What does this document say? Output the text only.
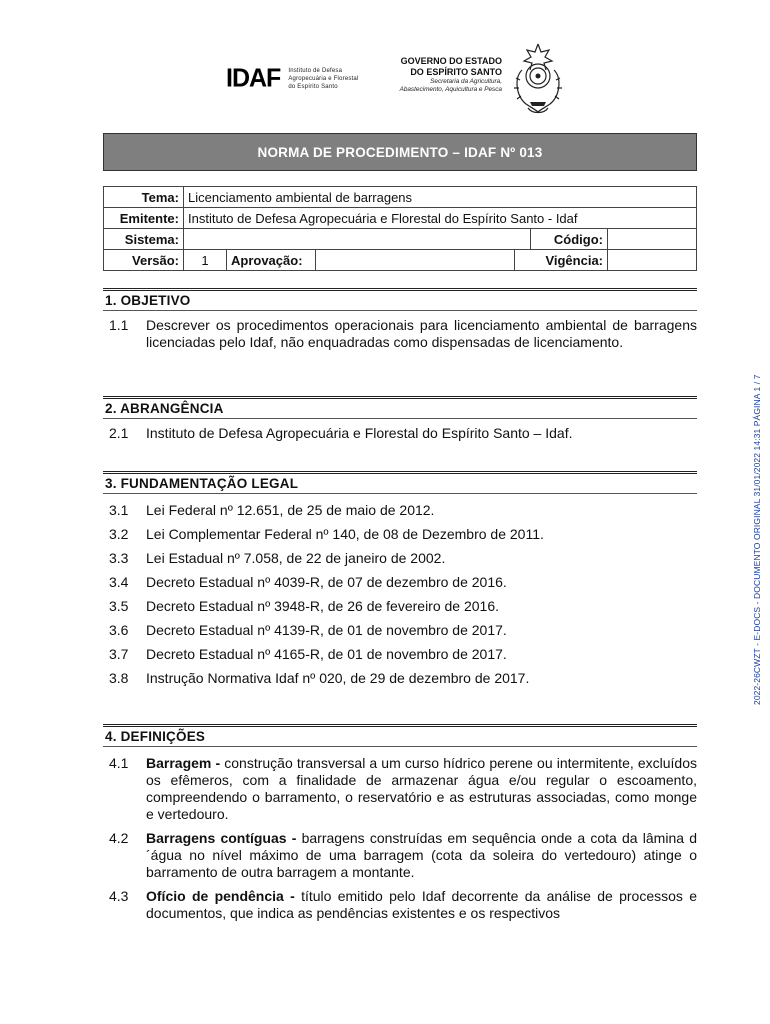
IDAF Instituto de Defesa
Agropecuária e Florestal
do Espírito Santo
GOVERNO DO ESTADO
DO ESPÍRITO SANTO
Secretaria da Agricultura,
Abastecimento, Aquicultura e Pesca
NORMA DE PROCEDIMENTO – IDAF Nº 013
Tema:	Licenciamento ambiental de barragens					
Emitente:	Instituto de Defesa Agropecuária e Florestal do Espírito Santo - Idaf					
Sistema:					Código:	
Versão:	1	Aprovação:		Vigência:		
1. OBJETIVO
1.1	Descrever os procedimentos operacionais para licenciamento ambiental de barragens licenciadas pelo Idaf, não enquadradas como dispensadas de licenciamento.
2. ABRANGÊNCIA
2.1	Instituto de Defesa Agropecuária e Florestal do Espírito Santo – Idaf.
3. FUNDAMENTAÇÃO LEGAL
3.1	Lei Federal nº 12.651, de 25 de maio de 2012.
3.2	Lei Complementar Federal nº 140, de 08 de Dezembro de 2011.
3.3	Lei Estadual nº 7.058, de 22 de janeiro de 2002.
3.4	Decreto Estadual nº 4039-R, de 07 de dezembro de 2016.
3.5	Decreto Estadual nº 3948-R, de 26 de fevereiro de 2016.
3.6	Decreto Estadual nº 4139-R, de 01 de novembro de 2017.
3.7	Decreto Estadual nº 4165-R, de 01 de novembro de 2017.
3.8	Instrução Normativa Idaf nº 020, de 29 de dezembro de 2017.
4. DEFINIÇÕES
4.1	Barragem - construção transversal a um curso hídrico perene ou intermitente, excluídos os efêmeros, com a finalidade de armazenar água e/ou regular o escoamento, compreendendo o barramento, o reservatório e as estruturas associadas, como monge e vertedouro.
4.2	Barragens contíguas - barragens construídas em sequência onde a cota da lâmina d´água no nível máximo de uma barragem (cota da soleira do vertedouro) atinge o barramento de outra barragem a montante.
4.3	Ofício de pendência - título emitido pelo Idaf decorrente da análise de processos e documentos, que indica as pendências existentes e os respectivos
2022-26CWZT - E-DOCS - DOCUMENTO ORIGINAL 31/01/2022 14:31 PÁGINA 1 / 7
